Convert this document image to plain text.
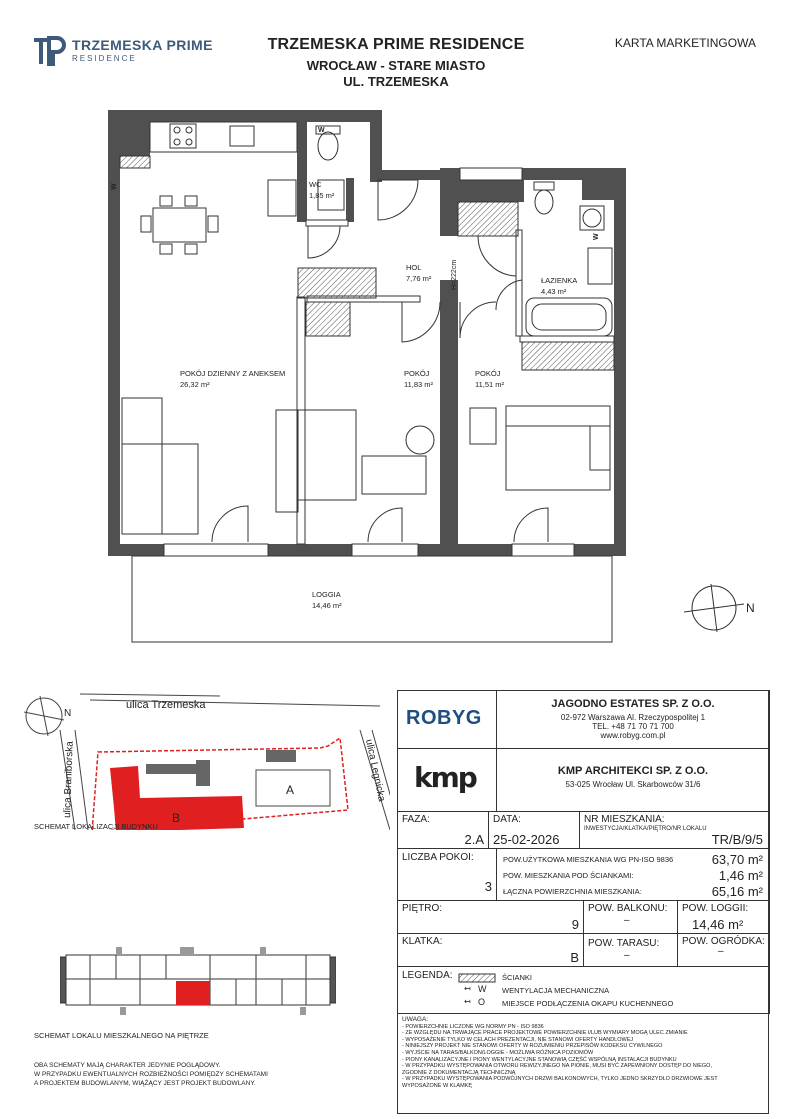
TRZEMESKA PRIME
RESIDENCE
TRZEMESKA PRIME RESIDENCE
WROCŁAW - STARE MIASTO
UL. TRZEMESKA
KARTA MARKETINGOWA
W
W
W
WC
1,85 m²
HOL
7,76 m²	ŁAZIENKA
4,43 m²
POKÓJ DZIENNY Z ANEKSEM
26,32 m²
POKÓJ
11,83 m²
POKÓJ
11,51 m²
LOGGIA
14,46 m²
H=222cm
N
ulica Trzemeska
ulica Braniborska	ulica Legnicka
A
B
N
SCHEMAT LOKALIZACJI BUDYNKU
SCHEMAT LOKALU MIESZKALNEGO NA PIĘTRZE
OBA SCHEMATY MAJĄ CHARAKTER JEDYNIE POGLĄDOWY.
W PRZYPADKU EWENTUALNYCH ROZBIEŻNOŚCI POMIĘDZY SCHEMATAMI
A PROJEKTEM BUDOWLANYM, WIĄŻĄCY JEST PROJEKT BUDOWLANY.
ROBYG
JAGODNO ESTATES SP. Z O.O.
02-972 Warszawa Al. Rzeczypospolitej 1
TEL. +48 71 70 71 700
www.robyg.com.pl
kmp	KMP ARCHITEKCI SP. Z O.O.
53-025 Wrocław Ul. Skarbowców 31/6
FAZA:
2.A
DATA:
25-02-2026
NR MIESZKANIA:
INWESTYCJA/KLATKA/PIĘTRO/NR LOKALU
TR/B/9/5
LICZBA POKOI:
3
POW.UŻYTKOWA MIESZKANIA WG PN-ISO 9836	63,70 m²
POW. MIESZKANIA POD ŚCIANKAMI:	1,46 m²
ŁĄCZNA POWIERZCHNIA MIESZKANIA:	65,16 m²
PIĘTRO:
9
POW. BALKONU:
–
POW. LOGGII:
14,46 m²
KLATKA:
B
POW. TARASU:
–
POW. OGRÓDKA:
–
LEGENDA:	ŚCIANKI
↤ W WENTYLACJA MECHANICZNA
↤ O MIEJSCE PODŁĄCZENIA OKAPU KUCHENNEGO
UWAGA:
- POWIERZCHNIE LICZONE WG NORMY PN - ISO 9836
- ZE WZGLĘDU NA TRWAJĄCE PRACE PROJEKTOWE POWIERZCHNIE I/LUB WYMIARY MOGĄ ULEC ZMIANIE
- WYPOSAŻENIE TYLKO W CELACH PREZENTACJI, NIE STANOWI OFERTY HANDLOWEJ
- NINIEJSZY PROJEKT NIE STANOWI OFERTY W ROZUMIENIU PRZEPISÓW KODEKSU CYWILNEGO
- WYJŚCIE NA TARAS/BALKON/LOGGIE - MOŻLIWA RÓŻNICA POZIOMÓW
- PIONY KANALIZACYJNE I PIONY WENTYLACYJNE STANOWIĄ CZĘŚĆ WSPÓLNĄ INSTALACJI BUDYNKU
- W PRZYPADKU WYSTĘPOWANIA OTWORU REWIZYJNEGO NA PIONIE, MUSI BYĆ ZAPEWNIONY DOSTĘP DO NIEGO,
ZGODNIE Z DOKUMENTACJĄ TECHNICZNĄ
- W PRZYPADKU WYSTĘPOWANIA PODWÓJNYCH DRZWI BALKONOWYCH, TYLKO JEDNO SKRZYDŁO DRZWIOWE JEST
WYPOSAŻONE W KLAMKĘ
